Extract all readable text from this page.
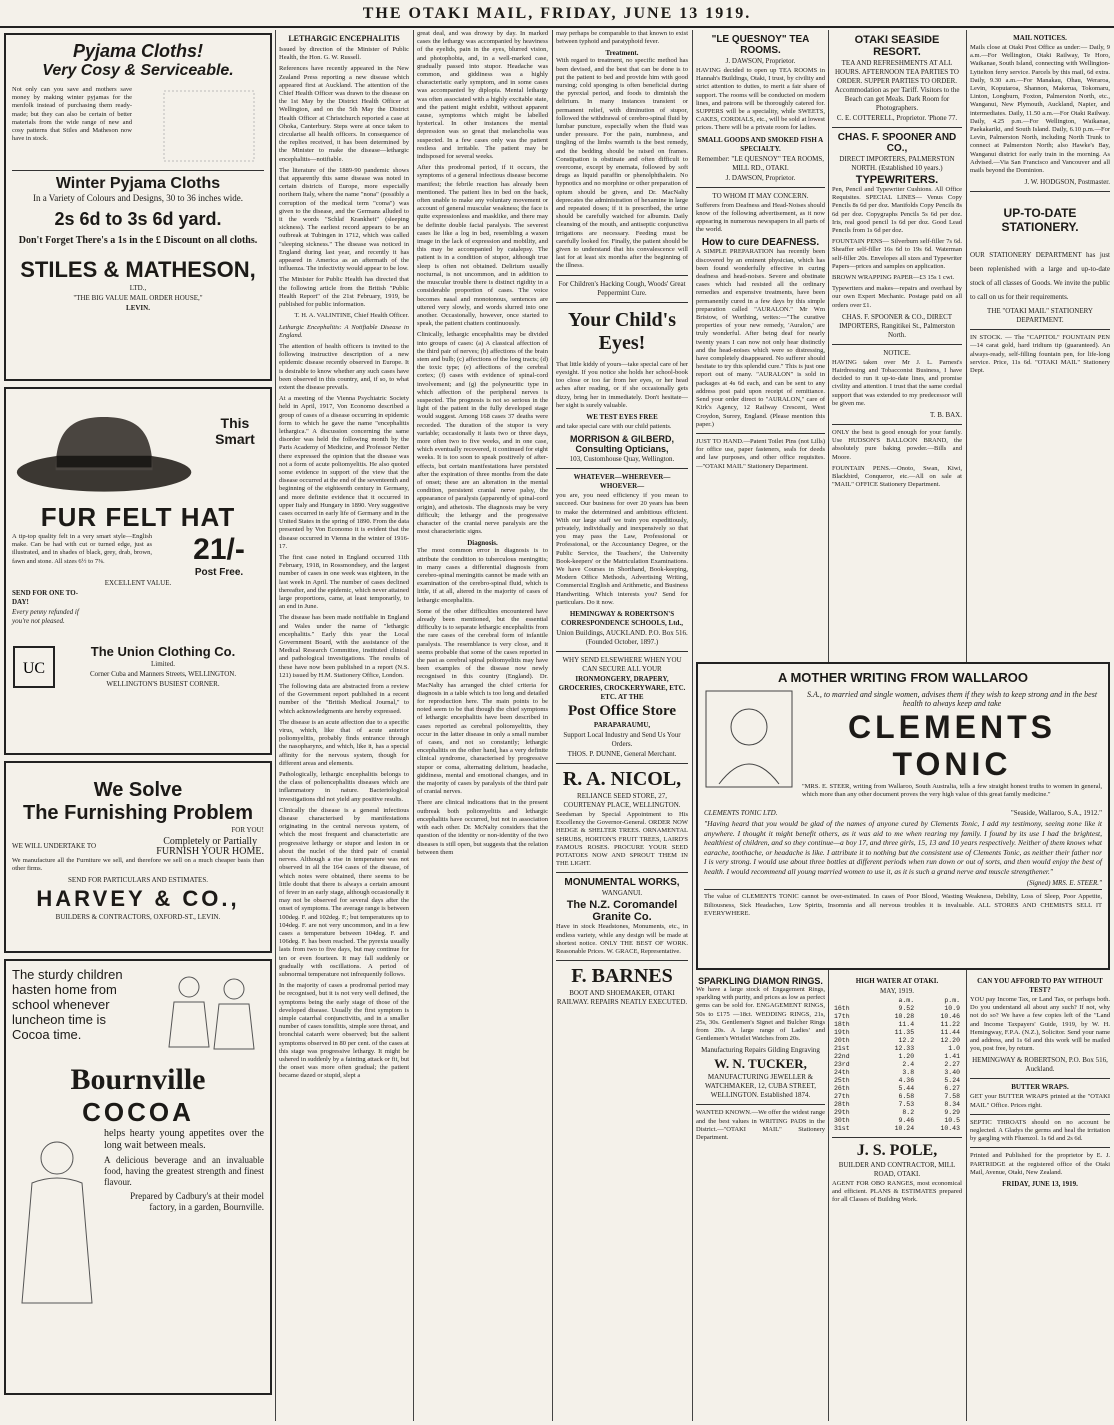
THE OTAKI MAIL, FRIDAY, JUNE 13 1919.
Pyjama Cloths!
Very Cosy & Serviceable.

Not only can you save and mothers save money by making winter pyjamas for the menfolk instead of purchasing them ready-made; but they can also be certain of better materials from the wide range of new and cosy patterns that Stiles and Matheson now have in stock.

Winter Pyjama Cloths
In a Variety of Colours and Designs, 30 to 36 inches wide.
2s 6d to 3s 6d yard.
Don't Forget There's a 1s in the £ Discount on all cloths.
STILES & MATHESON,
LTD.,
"THE BIG VALUE MAIL ORDER HOUSE,"
LEVIN.
This
Smart
FUR FELT HAT

A tip-top quality felt in a very smart style—English make. Can be had with cut or turned edge, just as illustrated, and in shades of black, grey, drab, brown, fawn and stone. All sizes 6½ to 7⅜.	21/-
Post Free.
EXCELLENT VALUE.
SEND FOR ONE TO-DAY!
Every penny refunded if you're not pleased.
UC
The Union Clothing Co.
Limited.
Corner Cuba and Manners Streets, WELLINGTON.
WELLINGTON'S BUSIEST CORNER.
We Solve
The Furnishing Problem
FOR YOU!
WE WILL UNDERTAKE TO	Completely or Partially
FURNISH YOUR HOME.

We manufacture all the Furniture we sell, and therefore we sell on a much cheaper basis than other firms.

SEND FOR PARTICULARS AND ESTIMATES.
HARVEY & CO.,
BUILDERS & CONTRACTORS, OXFORD-ST., LEVIN.
The sturdy children hasten home from school whenever luncheon time is Cocoa time.
Bournville
COCOA

helps hearty young appetites over the long wait between meals.

A delicious beverage and an invaluable food, having the greatest strength and finest flavour.

Prepared by Cadbury's at their model factory, in a garden, Bournville.

LETHARGIC ENCEPHALITIS

Issued by direction of the Minister of Public Health, the Hon. G. W. Russell.

References have recently appeared in the New Zealand Press reporting a new disease which appeared first at Auckland. The attention of the Chief Health Officer was drawn to the disease on the 1st May by the District Health Officer at Wellington, and on the 5th May the District Health Officer at Christchurch reported a case at Ohoka, Canterbury. Steps were at once taken to circularise all health officers. In consequence of the replies received, it has been determined by the Minister to make the disease—lethargic encephalitis—notifiable.

The literature of the 1889-90 pandemic shows that apparently this same disease was noted in certain districts of Europe, more especially northern Italy, where the name "nona" (possibly a corruption of the medical term "coma") was given to the disease, and the Germans alluded to it the words "Schlaf Krankheit" (sleeping sickness). The earliest record appears to be an outbreak at Tubingen in 1712, which was called "sleeping sickness." The disease was noticed in England during last year, and recently it has appeared in America as an aftermath of the influenza. The infectivity would appear to be low.

The Minister for Public Health has directed that the following article from the British "Public Health Report" of the 21st February, 1919, be published for public information.

T. H. A. VALINTINE, Chief Health Officer.

Lethargic Encephalitis: A Notifiable Disease in England.

The attention of health officers is invited to the following instructive description of a new epidemic disease recently observed in Europe. It is desirable to know whether any such cases have been observed in this country, and, if so, to what extent the disease prevails.

At a meeting of the Vienna Psychiatric Society held in April, 1917, Von Economo described a group of cases of a disease occurring in epidemic form to which he gave the name "encephalitis lethargica." A discussion concerning the same disorder was held the following month by the Paris Academy of Medicine, and Professor Netter there expressed the opinion that the disease was not a form of acute poliomyelitis. He also quoted some evidence in support of the view that the disease occurred at the end of the seventeenth and beginning of the eighteenth century in Germany, and more definite evidence that it occurred in upper Italy and Hungary in 1890. Very suggestive cases occurred in early life of Germany and in the United States in the spring of 1890. From the data presented by Von Economo it is evident that the disease occurred in Vienna in the winter of 1916-17.

The first case noted in England occurred 11th February, 1918, in Rossmondsey, and the largest number of cases in one week was eighteen, in the last week in April. The number of cases declined thereafter, and the epidemic, which never attained large proportions, came, at least temporarily, to an end in June.

The disease has been made notifiable in England and Wales under the name of "lethargic encephalitis." Early this year the Local Government Board, with the assistance of the Medical Research Committee, instituted clinical and pathological investigations. The results of these have now been published in a report (N.S. 121) issued by H.M. Stationery Office, London.

The following data are abstracted from a review of the Government report published in a recent number of the "British Medical Journal," to which acknowledgments are hereby expressed.

The disease is an acute affection due to a specific virus, which, like that of acute anterior poliomyelitis, probably finds entrance through the nasopharynx, and which, like it, has a special affinity for the nervous system, though for different areas and elements.

Pathologically, lethargic encephalitis belongs to the class of poliencephalitis diseases which are inflammatory in nature. Bacteriological investigations did not yield any positive results.

Clinically the disease is a general infectious disease characterised by manifestations originating in the central nervous system, of which the most frequent and characteristic are progressive lethargy or stupor and lesion in or about the nuclei of the third pair of cranial nerves. Although a rise in temperature was not observed in all the 164 cases of the disease, of which notes were obtained, there seems to be little doubt that there is always a certain amount of fever in an early stage, although occasionally it may not be observed for several days after the onset of symptoms. The average range is between 100deg. F. and 102deg. F.; but temperatures up to 104deg. F. are not very uncommon, and in a few cases a temperature between 104deg. F. and 106deg. F. has been reached. The pyrexia usually lasts from two to five days, but may continue for ten or even fourteen. It may fall suddenly or gradually with oscillations. A period of subnormal temperature not infrequently follows.

In the majority of cases a prodromal period may be recognised, but it is not very well defined, the symptoms being the early stage of those of the developed disease. Usually the first symptom is simple catarrhal conjunctivitis, and in a smaller number of cases tonsilitis, simple sore throat, and bronchial catarrh were observed; but the salient symptoms observed in 80 per cent. of the cases at this stage was progressive lethargy. It might be ushered in suddenly by a fainting attack or fit, but the onset was more often gradual; the patient became dazed or stupid, slept a

great deal, and was drowsy by day. In marked cases the lethargy was accompanied by heaviness of the eyelids, pain in the eyes, blurred vision, and photophobia, and, in a well-marked case, gradually passed into stupor. Headache was common, and giddiness was a highly characteristic early symptom, and in some cases was accompanied by diplopia. Mental lethargy was often associated with a highly excitable state, and the patient might exhibit, without apparent cause, symptoms which might be labelled hysterical. In other instances the mental depression was so great that melancholia was suspected. In a few cases only was the patient restless and irritable. The patient may be indisposed for several weeks.

After this prodromal period, if it occurs, the symptoms of a general infectious disease become manifest; the febrile reaction has already been mentioned. The patient lies in bed on the back, often unable to make any voluntary movement or account of general muscular weakness; the face is quite expressionless and masklike, and there may be definite double facial paralysis. The severest cases lie like a log in bed, resembling a waxen image in the lack of expression and mobility, and this may be accompanied by catalepsy. The patient is in a condition of stupor, although true sleep is often not obtained. Delirium usually nocturnal, is not uncommon, and in addition to the muscular trouble there is distinct rigidity in a considerable proportion of cases. The voice becomes nasal and monotonous, sentences are uttered very slowly, and words slurred into one another. Occasionally, however, once started to speak, the patient chatters continuously.

Clinically, lethargic encephalitis may be divided into groups of cases: (a) A classical affection of the third pair of nerves; (b) affections of the brain stem and bulb; (c) affections of the long tracts; (d) the toxic type; (e) affections of the cerebral cortex; (f) cases with evidence of spinal-cord involvement; and (g) the polyneuritic type in which affection of the peripheral nerves is suspected. The prognosis is not so serious in the light of the patient in the fully developed stage would suggest. Among 168 cases 37 deaths were recorded. The duration of the stupor is very variable; occasionally it lasts two or three days, more often two to five weeks, and in one case, which eventually recovered, it continued for eight weeks. It is too soon to speak positively of after-effects, but certain manifestations have persisted after the expiration of three months from the date of onset; these are an alteration in the mental condition, persistent cranial nerve palsy, the appearance of paralysis (apparently of spinal-cord origin), and athetosis. The diagnosis may be very difficult; the lethargy and the progressive character of the cranial nerve paralysis are the most characteristic signs.

Diagnosis.

The most common error in diagnosis is to attribute the condition to tuberculous meningitis; in many cases a differential diagnosis from cerebro-spinal meningitis cannot be made with an examination of the cerebro-spinal fluid, which is little, if at all, altered in the majority of cases of lethargic encephalitis.

Some of the other difficulties encountered have already been mentioned, but the essential difficulty is to separate lethargic encephalitis from the rare cases of the cerebral form of infantile paralysis. The resemblance is very close, and it seems probable that some of the cases reported in the past as cerebral spinal poliomyelitis may have been examples of the disease now newly recognised in this country (England). Dr. MacNalty has arranged the chief criteria for diagnosis in a table which is too long and detailed for reproduction here. The main points to be noted seem to be that though the chief symptoms of lethargic encephalitis have been described in cases reported as cerebral poliomyelitis, they occur in the latter disease in only a small number of cases, and not so constantly; lethargic encephalitis on the other hand, has a very definite clinical syndrome, characterised by progressive stupor or coma, alternating delirium, headache, giddiness, mental and emotional changes, and in the majority of cases by paralysis of the third pair of cranial nerves.

There are clinical indications that in the present outbreak both poliomyelitis and lethargic encephalitis have occurred, but not in association with each other. Dr. McNalty considers that the question of the identity or non-identity of the two diseases is still open, but suggests that the relation between them

may perhaps be comparable to that known to exist between typhoid and paratyphoid fever.

Treatment.

With regard to treatment, no specific method has been devised, and the best that can be done is to put the patient to bed and provide him with good nursing; cold sponging is often beneficial during the pyrexial period, and foods to diminish the delirium. In many instances transient or permanent relief, with diminution of stupor, followed the withdrawal of cerebro-spinal fluid by lumbar puncture, especially when the fluid was under pressure. For the pain, numbness, and tingling of the limbs warmth is the best remedy, and the bedding should be raised on frames. Constipation is obstinate and often difficult to overcome, except by enemata, followed by soft drugs as liquid paraffin or phenolphthalein. No hypnotics and no morphine or other preparation of opium should be given, and Dr. MacNalty deprecates the administration of hexamine in large and repeated doses; if it is prescribed, the urine should be carefully watched for albumin. Daily cleansing of the mouth, and antiseptic conjunctiva irrigations are necessary. Feeding must be carefully looked for. Finally, the patient should be given to understand that his convalescence will last for at least six months after the beginning of the illness.

For Children's Hacking Cough, Woods' Great Peppermint Cure.
Your Child's Eyes!

That little kiddy of yours—take special care of her eyesight. If you notice she holds her school-book too close or too far from her eyes, or her head aches after reading, or if she occasionally gets dizzy, bring her in immediately. Don't hesitate—her sight is surely valuable.

WE TEST EYES FREE

and take special care with our child patients.

MORRISON & GILBERD, Consulting Opticians,
103, Customhouse Quay, Wellington.
WHATEVER—WHEREVER—WHOEVER—

you are, you need efficiency if you mean to succeed. Our business for over 20 years has been to make the determined and ambitious efficient. With our large staff we train you expeditiously, privately, individually and inexpensively so that you may pass the Law, Professional or Professional, or the Accountancy Degree, or the Public Service, the Teachers', the University Book-keepers' or the Matriculation Examinations. We have Courses in Shorthand, Book-keeping, Modern Office Methods, Advertising Writing, Commercial English and Arithmetic, and Business Handwriting. Which interests you? Send for particulars. Do it now.

HEMINGWAY & ROBERTSON'S CORRESPONDENCE SCHOOLS, Ltd.,
Union Buildings, AUCKLAND. P.O. Box 516. (Founded October, 1897.)
WHY SEND ELSEWHERE WHEN YOU CAN SECURE ALL YOUR
IRONMONGERY, DRAPERY, GROCERIES, CROCKERYWARE, ETC. ETC. AT THE
Post Office Store
PARAPARAUMU,
Support Local Industry and Send Us Your Orders.
THOS. P. DUNNE, General Merchant.
R. A. NICOL,
RELIANCE SEED STORE, 27, COURTENAY PLACE, WELLINGTON.

Seedsman by Special Appointment to His Excellency the Governor-General. ORDER NOW HEDGE & SHELTER TREES. ORNAMENTAL SHRUBS, HORTON'S FRUIT TREES, LAIRD'S FAMOUS ROSES. PROCURE YOUR SEED POTATOES NOW AND SPROUT THEM IN THE LIGHT.

MONUMENTAL WORKS,
WANGANUI.
The N.Z. Coromandel Granite Co.

Have in stock Headstones, Monuments, etc., in endless variety, while any design will be made at shortest notice. ONLY THE BEST OF WORK. Reasonable Prices. W. GRACE, Representative.

F. BARNES
BOOT AND SHOEMAKER, OTAKI RAILWAY. REPAIRS NEATLY EXECUTED.
"LE QUESNOY" TEA ROOMS.
J. DAWSON, Proprietor.

HAVING decided to open up TEA ROOMS in Hannah's Buildings, Otaki, I trust, by civility and strict attention to duties, to merit a fair share of support. The rooms will be conducted on modern lines, and patrons will be thoroughly catered for. SUPPERS will be a speciality, while SWEETS, CAKES, CORDIALS, etc., will be sold at lowest prices. There will be a private room for ladies.

SMALL GOODS AND SMOKED FISH A SPECIALTY.
Remember: "LE QUESNOY" TEA ROOMS, MILL RD., OTAKI.
J. DAWSON, Proprietor.
TO WHOM IT MAY CONCERN.

Sufferers from Deafness and Head-Noises should know of the following advertisement, as it now appearing in numerous newspapers in all parts of the world.

How to cure DEAFNESS.

A SIMPLE PREPARATION has recently been discovered by an eminent physician, which has been found wonderfully effective in curing deafness and head-noises. Severe and obstinate cases which had resisted all the ordinary remedies and expensive treatments, have been permanently cured in a few days by this simple preparation called "AURALON." Mr Wm Bristow, of Worthing, writes:—"The curative properties of your new remedy, 'Auralon,' are truly wonderful. After being deaf for nearly twenty years I can now not only hear distinctly and the head-noises which were so distressing, have completely disappeared. No sufferer should hesitate to try this splendid cure." This is just one report out of many. "AURALON" is sold in packages at 4s 6d each, and can be sent to any address post paid upon receipt of remittance. Send your order direct to "AURALON," care of Kirk's Agency, 12 Railway Crescent, West Croydon, Surrey, England. (Please mention this paper.)

JUST TO HAND.—Patent Toilet Pins (not Lills) for office use, paper fasteners, seals for deeds and law purposes, and other office requisites.—"OTAKI MAIL" Stationery Department.

OTAKI SEASIDE RESORT.
TEA AND REFRESHMENTS AT ALL HOURS. AFTERNOON TEA PARTIES TO ORDER. SUPPER PARTIES TO ORDER. Accommodation as per Tariff. Visitors to the Beach can get Meals. Dark Room for Photographers.
C. E. COTTERELL, Proprietor. 'Phone 77.
CHAS. F. SPOONER AND CO.,
DIRECT IMPORTERS, PALMERSTON NORTH. (Established 10 years.)
TYPEWRITERS.

Pen, Pencil and Typewriter Cushions. All Office Requisites. SPECIAL LINES— Venus Copy Pencils 8s 6d per doz. Manifolds Copy Pencils 8s 6d per doz. Copygraphs Pencils 5s 6d per doz. Iris, real good pencil 1s 6d per doz. Good Lead Pencils from 1s 6d per doz.

FOUNTAIN PENS— Silverburn self-filler 7s 6d. Sheaffer self-filler 16s 6d to 19s 6d. Waterman self-filler 20s. Envelopes all sizes and Typewriter Papers—prices and samples on application.

BROWN WRAPPING PAPER—£3 15s 1 cwt.

Typewriters and makes—repairs and overhaul by our own Expert Mechanic. Postage paid on all orders over £1.

CHAS. F. SPOONER & CO., DIRECT IMPORTERS, Rangitikei St., Palmerston North.
NOTICE.

HAVING taken over Mr J. L. Parnest's Hairdressing and Tobacconist Business, I have decided to run it up-to-date lines, and promise civility and attention. I trust that the same cordial support that was extended to my predecessor will be given me.

T. B. BAX.

ONLY the best is good enough for your family. Use HUDSON'S BALLOON BRAND, the absolutely pure baking powder.—Bills and Moore.

FOUNTAIN PENS.—Onoto, Swan, Kiwi, Blackbird, Conqueror, etc.—All on sale at "MAIL" OFFICE Stationery Department.

MAIL NOTICES.

Mails close at Otaki Post Office as under:— Daily, 9 a.m.—For Wellington, Otaki Railway, Te Horo, Waikanae, South Island, connecting with Wellington-Lyttelton ferry service. Parcels by this mail, 6d extra. Daily, 9.30 a.m.—For Manakau, Ohau, Weraroa, Levin, Koputaroa, Shannon, Makerua, Tokomaru, Linton, Longburn, Foxton, Palmerston North, etc., Wanganui, New Plymouth, Auckland, Napier, and intermediates. Daily, 11.50 a.m.—For Otaki Railway. Daily, 4.25 p.m.—For Wellington, Waikanae, Paekakariki, and South Island. Daily, 6.10 p.m.—For Levin, Palmerston North, including North Trunk to connect at Palmerston North; also Hawke's Bay, Wanganui district for early train in the morning. As Advised.—Via San Francisco and Vancouver and all mails beyond the Dominion.

J. W. HODGSON, Postmaster.
UP-TO-DATE STATIONERY.

OUR STATIONERY DEPARTMENT has just been replenished with a large and up-to-date stock of all classes of Goods. We invite the public to call on us for their requirements.

THE "OTAKI MAIL" STATIONERY DEPARTMENT.

IN STOCK. — The "CAPITOL" FOUNTAIN PEN—14 carat gold, hard iridium tip (guaranteed). An always-ready, self-filling fountain pen, for life-long service. Price, 11s 6d. "OTAKI MAIL" Stationery Dept.

A MOTHER WRITING FROM WALLAROO
S.A., to married and single women, advises them if they wish to keep strong and in the best health to always keep and take
CLEMENTS TONIC

"MRS. E. STEER, writing from Wallaroo, South Australia, tells a few straight honest truths to women in general, which more than any other document proves the very high value of this great family medicine."

CLEMENTS TONIC LTD.	"Seaside, Wallaroo, S.A., 1912."

"Having heard that you would be glad of the names of anyone cured by Clements Tonic, I add my testimony, seeing none like it anywhere. I thought it might benefit others, as it was aid to me when rearing my family. I found by its use I had the brightest, healthiest of children, and so they continue—a boy 17, and three girls, 15, 13 and 10 years respectively. Neither of them knows what earache, toothache, or headache is like. I attribute it to nothing but the consistent use of Clements Tonic, as neither their father nor I is very strong. I would use about three bottles at different periods when run down or out of sorts, and then would enjoy the best of health. I would recommend all young married women to use it, as it is such a grand nerve and muscle strengthener."

(Signed) MRS. E. STEER."

The value of CLEMENTS TONIC cannot be over-estimated. In cases of Poor Blood, Wasting Weakness, Debility, Loss of Sleep, Poor Appetite, Biliousness, Sick Headaches, Low Spirits, Insomnia and all nervous troubles it is invaluable. ALL STORES AND CHEMISTS SELL IT EVERYWHERE.

SPARKLING DIAMON RINGS.

We have a large stock of Engagement Rings, sparkling with purity, and prices as low as perfect gems can be sold for. ENGAGEMENT RINGS, 50s to £175 —18ct. WEDDING RINGS, 21s, 25s, 30s. Gentlemen's Signet and Bulcher Rings from 20s. A large range of Ladies' and Gentlemen's Wristlet Watches from 20s.

Manufacturing Repairs Gilding Engraving
W. N. TUCKER,
MANUFACTURING JEWELLER & WATCHMAKER, 12, CUBA STREET, WELLINGTON. Established 1874.

WANTED KNOWN.—We offer the widest range and the best values in WRITING PADS in the District.—"OTAKI MAIL" Stationery Department.

HIGH WATER AT OTAKI.
MAY, 1919.
	a.m.	p.m.
16th	9.52	10.9
17th	10.28	10.46
18th	11.4	11.22
19th	11.35	11.44
20th	12.2	12.20
21st	12.33	1.0
22nd	1.20	1.41
23rd	2.4	2.27
24th	3.8	3.40
25th	4.36	5.24
26th	5.44	6.27
27th	6.58	7.58
28th	7.53	8.34
29th	8.2	9.29
30th	9.46	10.5
31st	10.24	10.43
J. S. POLE,
BUILDER AND CONTRACTOR, MILL ROAD, OTAKI.

AGENT FOR OBO RANGES, most economical and efficient. PLANS & ESTIMATES prepared for all Classes of Building Work.

CAN YOU AFFORD TO PAY WITHOUT TEST?

YOU pay Income Tax, or Land Tax, or perhaps both. Do you understand all about any such? If not, why not do so? We have a few copies left of the "Land and Income Taxpayers' Guide, 1919, by W. H. Hemingway, F.P.A. (N.Z.), Solicitor. Send your name and address, and 1s 6d and this work will be mailed you, post free, by return.

HEMINGWAY & ROBERTSON, P.O. Box 516, Auckland.
BUTTER WRAPS.

GET your BUTTER WRAPS printed at the "OTAKI MAIL" Office. Prices right.

SEPTIC THROATS should on no account be neglected. A Gladys the germs and heal the irritation by gargling with Fluenzol. 1s 6d and 2s 6d.

Printed and Published for the proprietor by E. J. PARTRIDGE at the registered office of the Otaki Mail, Avenue, Otaki, New Zealand.

FRIDAY, JUNE 13, 1919.
